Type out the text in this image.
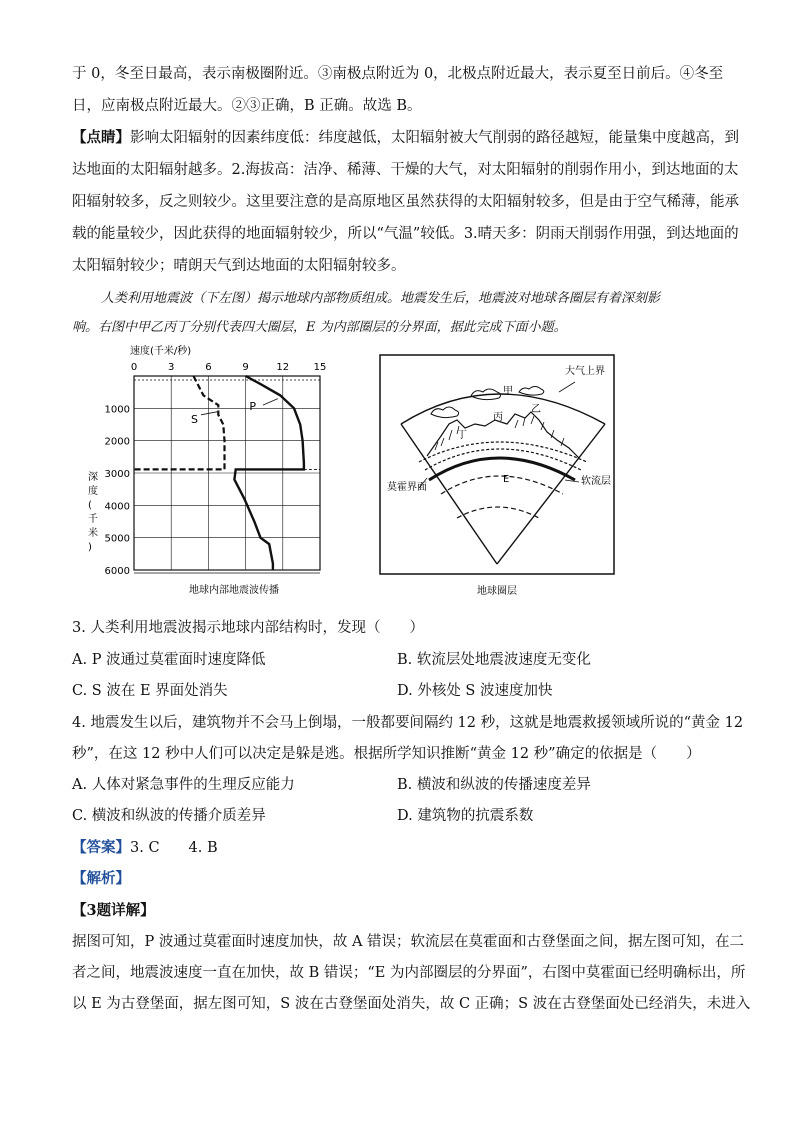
于 0，冬至日最高，表示南极圈附近。③南极点附近为 0，北极点附近最大，表示夏至日前后。④冬至
日，应南极点附近最大。②③正确，B 正确。故选 B。
【点睛】影响太阳辐射的因素纬度低：纬度越低，太阳辐射被大气削弱的路径越短，能量集中度越高，到
达地面的太阳辐射越多。2.海拔高：洁净、稀薄、干燥的大气，对太阳辐射的削弱作用小，到达地面的太
阳辐射较多，反之则较少。这里要注意的是高原地区虽然获得的太阳辐射较多，但是由于空气稀薄，能承
载的能量较少，因此获得的地面辐射较少，所以“气温”较低。3.晴天多：阴雨天削弱作用强，到达地面的
太阳辐射较少；晴朗天气到达地面的太阳辐射较多。
人类利用地震波（下左图）揭示地球内部物质组成。地震发生后，地震波对地球各圈层有着深刻影
响。右图中甲乙丙丁分别代表四大圈层，E 为内部圈层的分界面，据此完成下面小题。
0	3	6	9	12 15
1000
2000
3000
4000
5000
6000
P
S
速度(千米/秒)
地球内部地震波传播
深度(千米)
大气上界
甲
乙
丙
丁
E
莫霍界面
软流层
地球圈层
3. 人类利用地震波揭示地球内部结构时，发现（　　）
A. P 波通过莫霍面时速度降低	B. 软流层处地震波速度无变化
C. S 波在 E 界面处消失	D. 外核处 S 波速度加快
4. 地震发生以后，建筑物并不会马上倒塌，一般都要间隔约 12 秒，这就是地震救援领域所说的“黄金 12
秒”，在这 12 秒中人们可以决定是躲是逃。根据所学知识推断“黄金 12 秒”确定的依据是（　　）
A. 人体对紧急事件的生理反应能力	B. 横波和纵波的传播速度差异
C. 横波和纵波的传播介质差异	D. 建筑物的抗震系数
【答案】3. C　　4. B
【解析】
【3题详解】
据图可知，P 波通过莫霍面时速度加快，故 A 错误；软流层在莫霍面和古登堡面之间，据左图可知，在二
者之间，地震波速度一直在加快，故 B 错误；“E 为内部圈层的分界面”，右图中莫霍面已经明确标出，所
以 E 为古登堡面，据左图可知，S 波在古登堡面处消失，故 C 正确；S 波在古登堡面处已经消失，未进入
